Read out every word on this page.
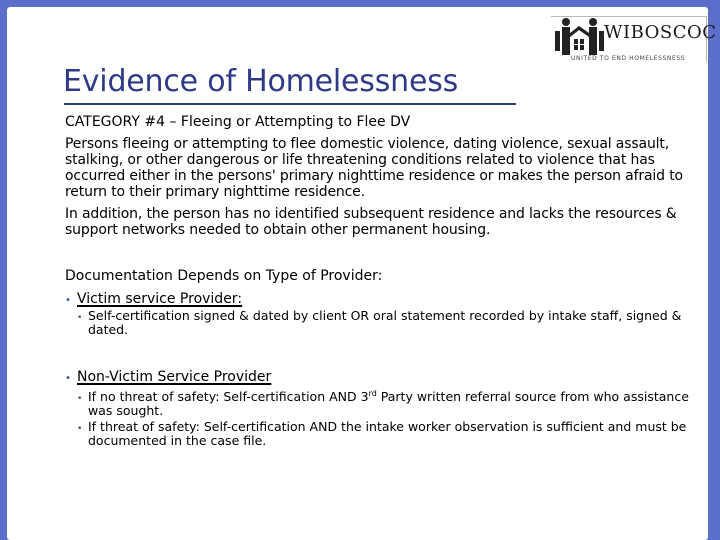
WIBOSCOC
UNITED TO END HOMELESSNESS
Evidence of Homelessness
CATEGORY #4 – Fleeing or Attempting to Flee DV
Persons fleeing or attempting to flee domestic violence, dating violence, sexual assault, stalking, or other dangerous or life threatening conditions related to violence that has occurred either in the persons' primary nighttime residence or makes the person afraid to return to their primary nighttime residence.
In addition, the person has no identified subsequent residence and lacks the resources & support networks needed to obtain other permanent housing.
Documentation Depends on Type of Provider:
• Victim service Provider:
• Self-certification signed & dated by client OR oral statement recorded by intake staff, signed & dated.
• Non-Victim Service Provider
• If no threat of safety: Self-certification AND 3rd Party written referral source from who assistance was sought.
• If threat of safety: Self-certification AND the intake worker observation is sufficient and must be documented in the case file.
